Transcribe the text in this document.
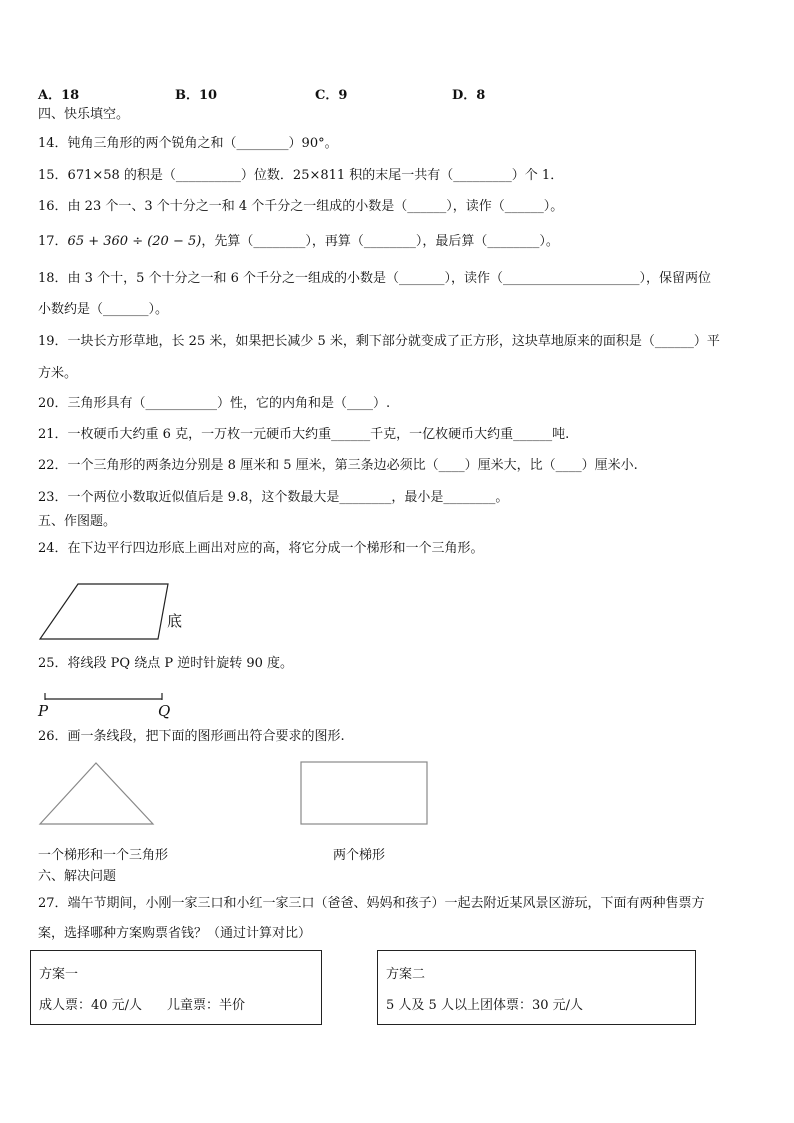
A．18	B．10	C．9	D．8
四、快乐填空。
14．钝角三角形的两个锐角之和（________）90°。
15．671×58 的积是（__________）位数．25×811 积的末尾一共有（_________）个 1．
16．由 23 个一、3 个十分之一和 4 个千分之一组成的小数是（______），读作（______）。
17．65 + 360 ÷ (20 − 5)，先算（________），再算（________），最后算（________）。
18．由 3 个十，5 个十分之一和 6 个千分之一组成的小数是（_______），读作（_____________________），保留两位
小数约是（_______）。
19．一块长方形草地，长 25 米，如果把长减少 5 米，剩下部分就变成了正方形，这块草地原来的面积是（______）平
方米。
20．三角形具有（___________）性，它的内角和是（____）.
21．一枚硬币大约重 6 克，一万枚一元硬币大约重______千克，一亿枚硬币大约重______吨.
22．一个三角形的两条边分别是 8 厘米和 5 厘米，第三条边必须比（____）厘米大，比（____）厘米小.
23．一个两位小数取近似值后是 9.8，这个数最大是________，最小是________。
五、作图题。
24．在下边平行四边形底上画出对应的高，将它分成一个梯形和一个三角形。
底
25．将线段 PQ 绕点 P 逆时针旋转 90 度。
P	Q
26．画一条线段，把下面的图形画出符合要求的图形.
一个梯形和一个三角形	两个梯形
六、解决问题
27．端午节期间，小刚一家三口和小红一家三口（爸爸、妈妈和孩子）一起去附近某风景区游玩，下面有两种售票方
案，选择哪种方案购票省钱？（通过计算对比）
方案一
成人票：40 元/人 儿童票：半价
方案二
5 人及 5 人以上团体票：30 元/人
